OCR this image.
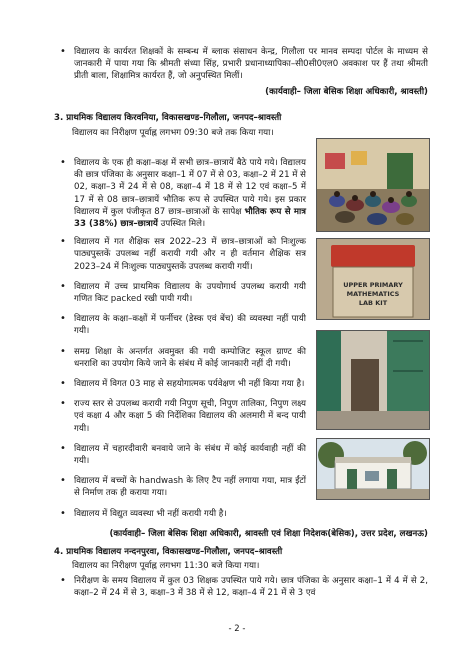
• विद्यालय के कार्यरत शिक्षकों के सम्बन्ध में ब्लाक संसाधन केन्द्र, गिलौला पर मानव सम्पदा पोर्टल के माध्यम से जानकारी में पाया गया कि श्रीमती संध्या सिंह, प्रभारी प्रधानाध्यापिका–सी0सी0एल0 अवकाश पर हैं तथा श्रीमती प्रीती बाला, शिक्षामित्र कार्यरत हैं, जो अनुपस्थित मिलीं।
(कार्यवाही– जिला बेसिक शिक्षा अधिकारी, श्रावस्ती)
3. प्राथमिक विद्यालय किरवनिया, विकासखण्ड–गिलौला, जनपद–श्रावस्ती
विद्यालय का निरीक्षण पूर्वाह्न लगभग 09:30 बजे तक किया गया।
• विद्यालय के एक ही कक्षा–कक्ष में सभी छात्र–छात्रायें बैठे पाये गये। विद्यालय की छात्र पंजिका के अनुसार कक्षा–1 में 07 में से 03, कक्षा–2 में 21 में से 02, कक्षा–3 में 24 में से 08, कक्षा–4 में 18 में से 12 एवं कक्षा–5 में 17 में से 08 छात्र–छात्रायें भौतिक रूप से उपस्थित पाये गये। इस प्रकार विद्यालय में कुल पंजीकृत 87 छात्र–छात्राओं के सापेक्ष भौतिक रूप से मात्र 33 (38%) छात्र–छात्रायें उपस्थित मिले।
• विद्यालय में गत शैक्षिक सत्र 2022–23 में छात्र–छात्राओं को निःशुल्क पाठ्यपुस्तकें उपलब्ध नहीं करायी गयी और न ही वर्तमान शैक्षिक सत्र 2023–24 में निःशुल्क पाठ्यपुस्तकें उपलब्ध करायी गयीं।
• विद्यालय में उच्च प्राथमिक विद्यालय के उपयोगार्थ उपलब्ध करायी गयी गणित किट packed रखी पायी गयी।
• विद्यालय के कक्षा–कक्षों में फर्नीचर (डेस्क एवं बेंच) की व्यवस्था नहीं पायी गयी।
• समग्र शिक्षा के अन्तर्गत अवमुक्त की गयी कम्पोजिट स्कूल ग्राण्ट की धनराशि का उपयोग किये जाने के संबंध में कोई जानकारी नहीं दी गयी।
• विद्यालय में विगत 03 माह से सहयोगात्मक पर्यवेक्षण भी नहीं किया गया है।
• राज्य स्तर से उपलब्ध करायी गयी निपुण सूची, निपुण तालिका, निपुण लक्ष्य एवं कक्षा 4 और कक्षा 5 की निर्देशिका विद्यालय की अलमारी में बन्द पायी गयी।
• विद्यालय में चहारदीवारी बनवाये जाने के संबंध में कोई कार्यवाही नहीं की गयी।
• विद्यालय में बच्चों के handwash के लिए टैप नहीं लगाया गया, मात्र ईंटों से निर्माण तक ही कराया गया।
• विद्यालय में विद्युत व्यवस्था भी नहीं करायी गयी है।
UPPER PRIMARY
MATHEMATICS
LAB KIT
(कार्यवाही– जिला बेसिक शिक्षा अधिकारी, श्रावस्ती एवं शिक्षा निदेशक(बेसिक), उत्तर प्रदेश, लखनऊ)
4. प्राथमिक विद्यालय नन्दनपुरवा, विकासखण्ड–गिलौला, जनपद–श्रावस्ती
विद्यालय का निरीक्षण पूर्वाह्न लगभग 11:30 बजे किया गया।
• निरीक्षण के समय विद्यालय में कुल 03 शिक्षक उपस्थित पाये गये। छात्र पंजिका के अनुसार कक्षा–1 में 4 में से 2, कक्षा–2 में 24 में से 3, कक्षा–3 में 38 में से 12, कक्षा–4 में 21 में से 3 एवं
- 2 -
